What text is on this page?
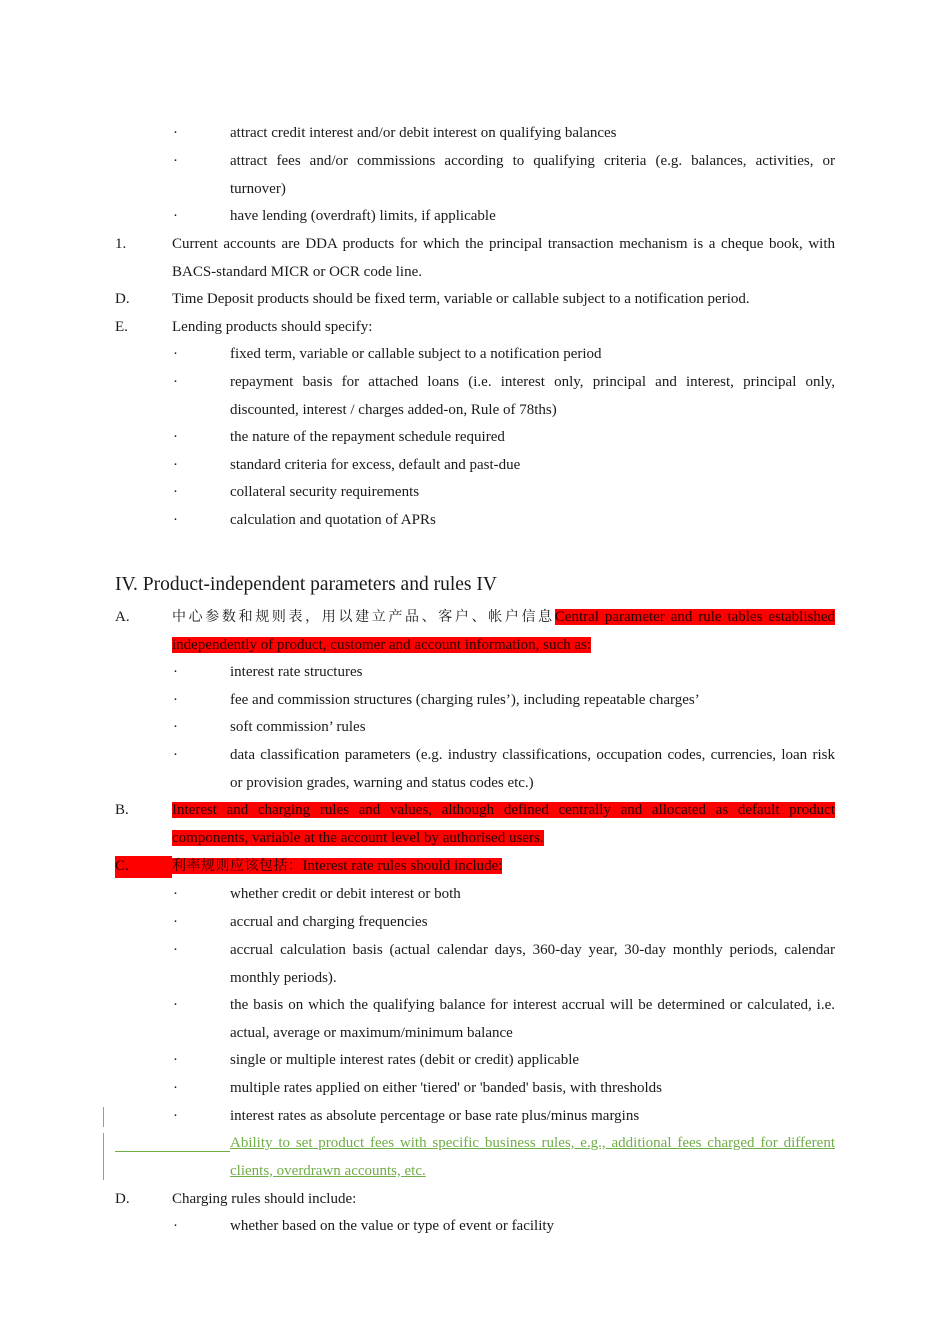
·	attract credit interest and/or debit interest on qualifying balances
·	attract fees and/or commissions according to qualifying criteria (e.g. balances, activities, or turnover)
·	have lending (overdraft) limits, if applicable
1.	Current accounts are DDA products for which the principal transaction mechanism is a cheque book, with BACS-standard MICR or OCR code line.
D.	Time Deposit products should be fixed term, variable or callable subject to a notification period.
E.	Lending products should specify:
·	fixed term, variable or callable subject to a notification period
·	repayment basis for attached loans (i.e. interest only, principal and interest, principal only, discounted, interest / charges added-on, Rule of 78ths)
·	the nature of the repayment schedule required
·	standard criteria for excess, default and past-due
·	collateral security requirements
·	calculation and quotation of APRs
IV. Product-independent parameters and rules IV
A.	中心参数和规则表，用以建立产品、客户、帐户信息Central parameter and rule tables established independently of product, customer and account information, such as:
·	interest rate structures
·	fee and commission structures (charging rules’), including repeatable charges’
·	soft commission’ rules
·	data classification parameters (e.g. industry classifications, occupation codes, currencies, loan risk or provision grades, warning and status codes etc.)
B.	Interest and charging rules and values, although defined centrally and allocated as default product components, variable at the account level by authorised users.
C.	利率规则应该包括：Interest rate rules should include:
·	whether credit or debit interest or both
·	accrual and charging frequencies
·	accrual calculation basis (actual calendar days, 360-day year, 30-day monthly periods, calendar monthly periods).
·	the basis on which the qualifying balance for interest accrual will be determined or calculated, i.e. actual, average or maximum/minimum balance
·	single or multiple interest rates (debit or credit) applicable
·	multiple rates applied on either 'tiered' or 'banded' basis, with thresholds
·	interest rates as absolute percentage or base rate plus/minus margins
Ability to set product fees with specific business rules, e.g., additional fees charged for different clients, overdrawn accounts, etc.
D.	Charging rules should include:
·	whether based on the value or type of event or facility
